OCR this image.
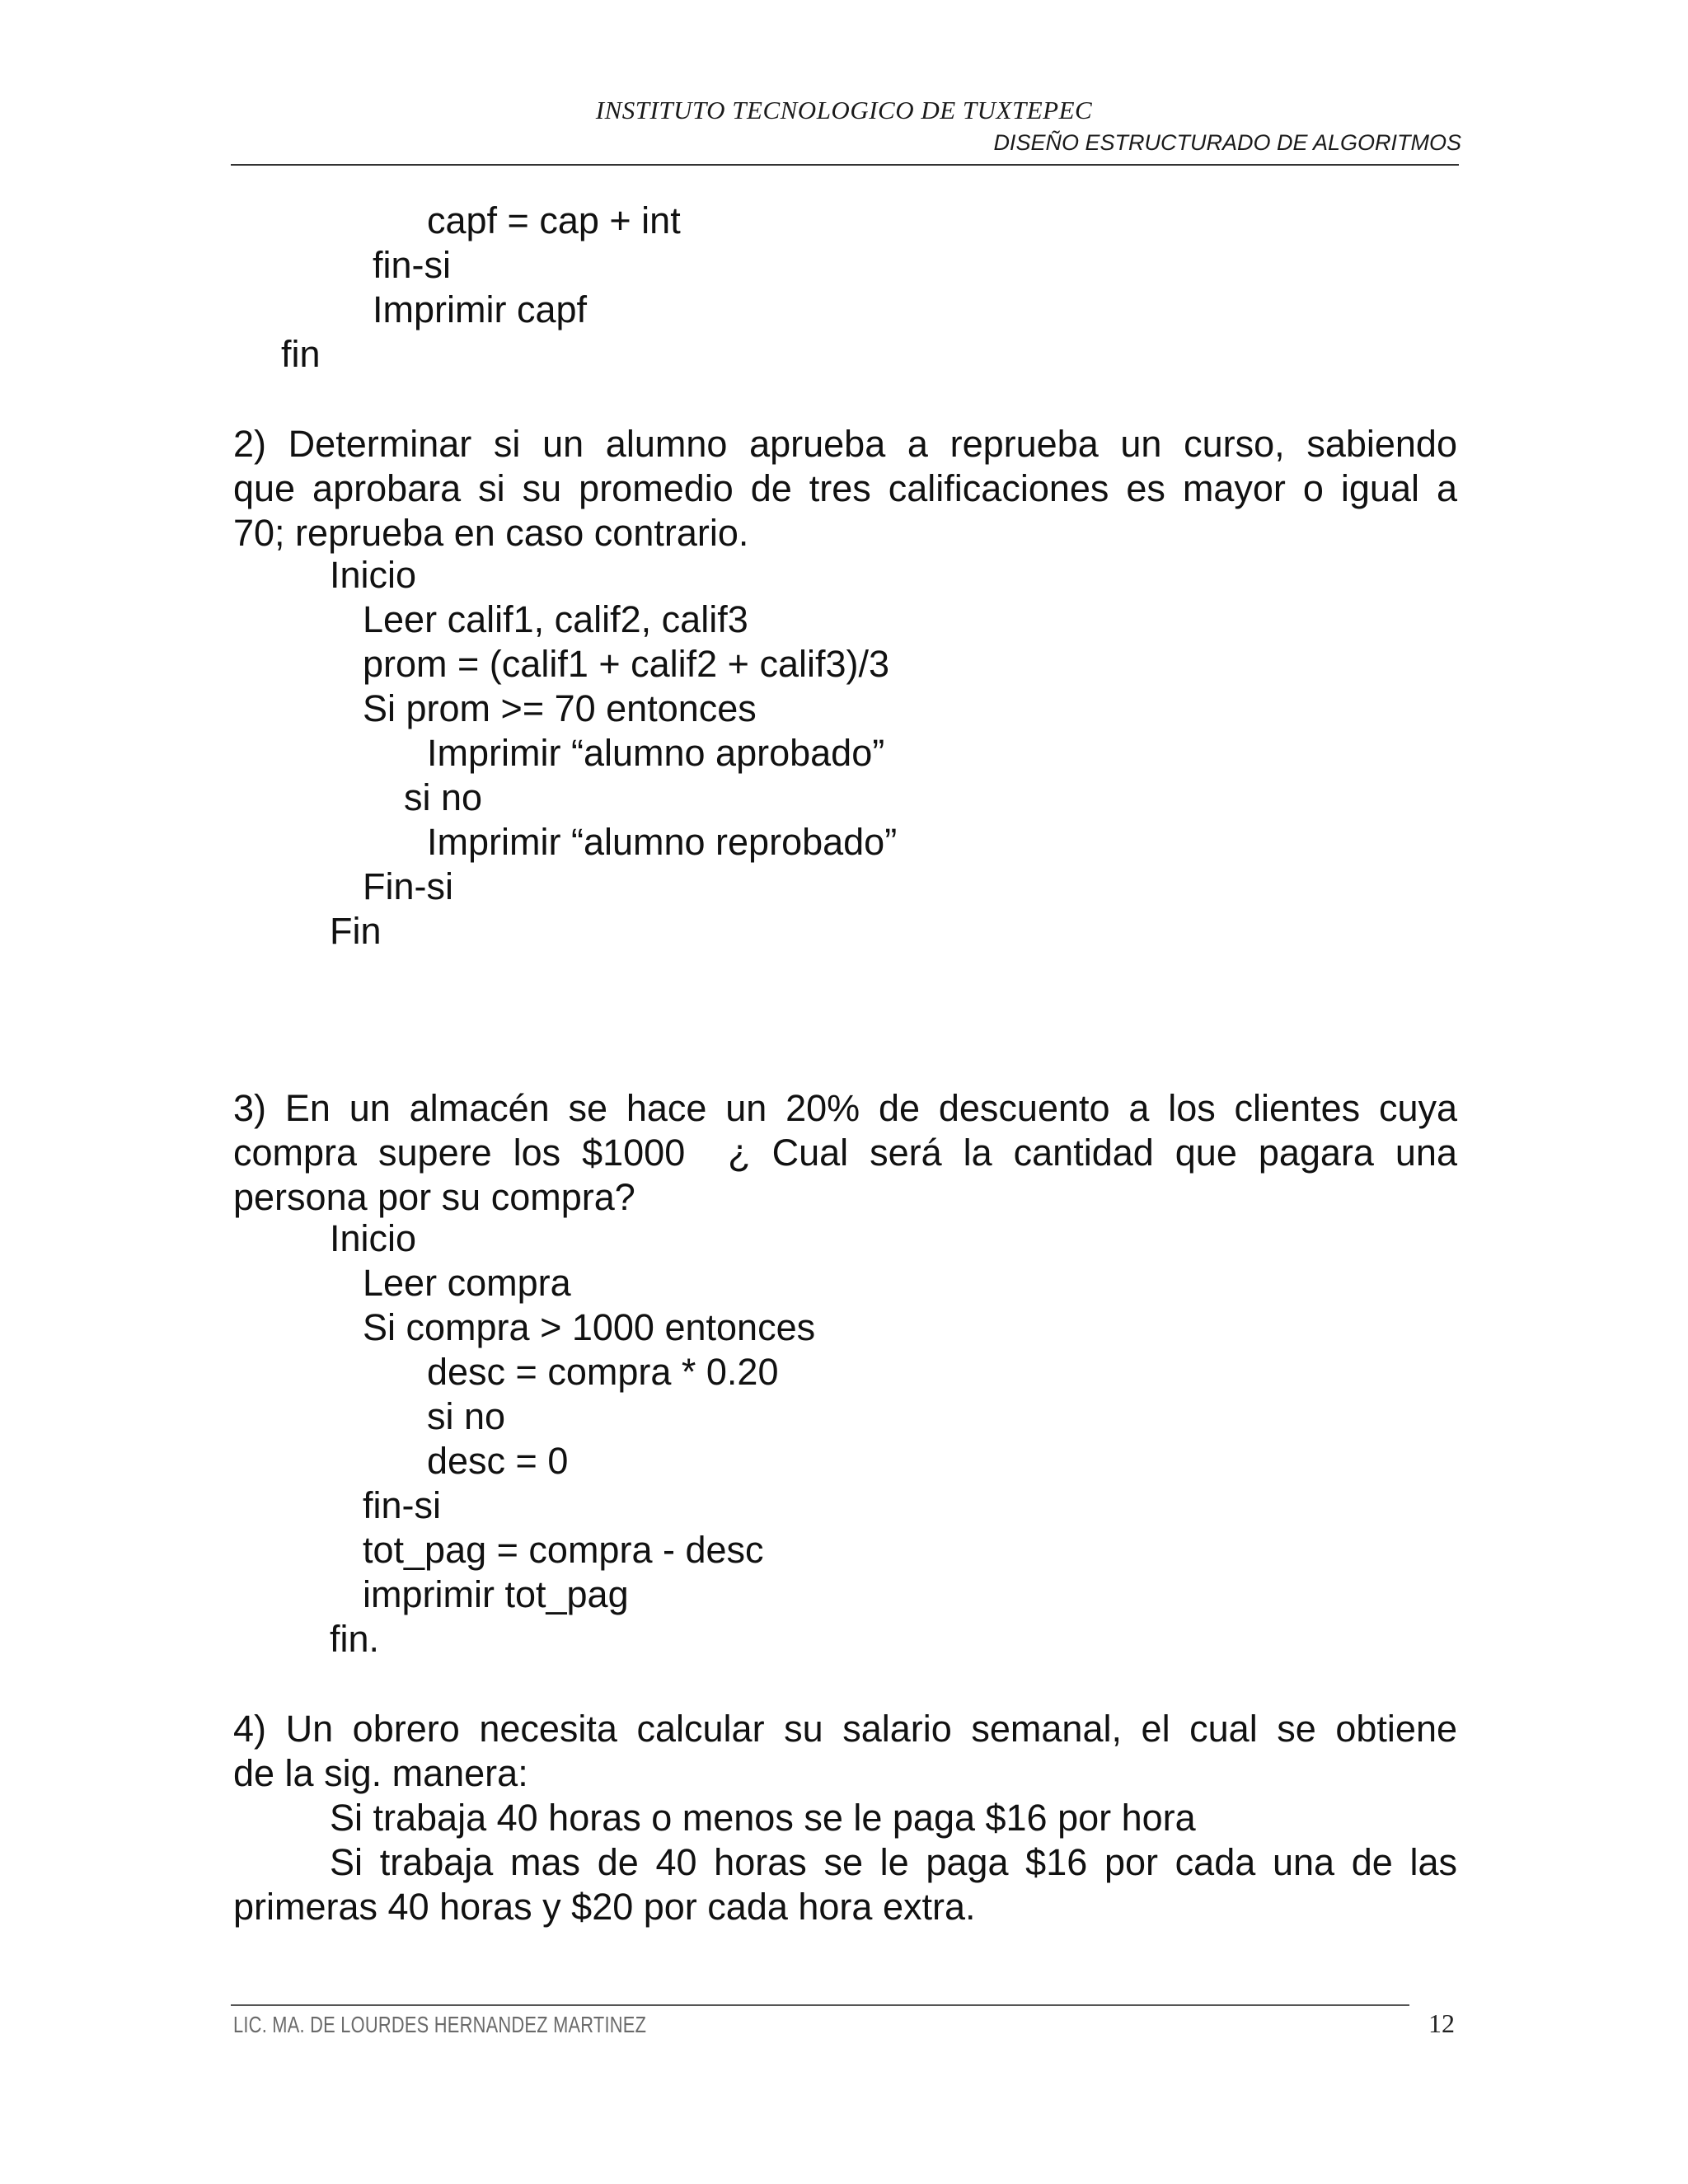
INSTITUTO TECNOLOGICO DE TUXTEPEC
DISEÑO ESTRUCTURADO DE ALGORITMOS
capf = cap + int
fin-si
Imprimir capf
fin
2) Determinar si un alumno aprueba a reprueba un curso, sabiendo
que aprobara si su promedio de tres calificaciones es mayor o igual a
70; reprueba en caso contrario.
Inicio
Leer calif1, calif2, calif3
prom = (calif1 + calif2 + calif3)/3
Si prom >= 70 entonces
Imprimir “alumno aprobado”
si no
Imprimir “alumno reprobado”
Fin-si
Fin
3) En un almacén se hace un 20% de descuento a los clientes cuya
compra supere los $1000  ¿ Cual será la cantidad que pagara una
persona por su compra?
Inicio
Leer compra
Si compra > 1000 entonces
desc = compra * 0.20
si no
desc = 0
fin-si
tot_pag = compra - desc
imprimir tot_pag
fin.
4) Un obrero necesita calcular su salario semanal, el cual se obtiene
de la sig. manera:
Si trabaja 40 horas o menos se le paga $16 por hora
Si trabaja mas de 40 horas se le paga $16 por cada una de las
primeras 40 horas y $20 por cada hora extra.
LIC. MA. DE LOURDES HERNANDEZ MARTINEZ	12
